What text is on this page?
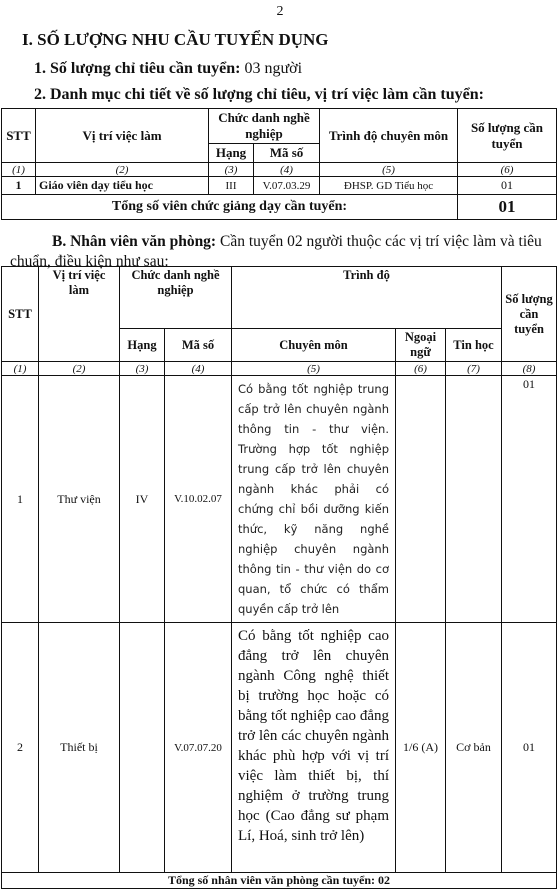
2
I. SỐ LƯỢNG NHU CẦU TUYỂN DỤNG
1. Số lượng chỉ tiêu cần tuyển: 03 người
2. Danh mục chi tiết về số lượng chỉ tiêu, vị trí việc làm cần tuyển:
STT	Vị trí việc làm	Chức danh nghề nghiệp		Trình độ chuyên môn	Số lượng cần tuyển
		Hạng	Mã số		
(1)	(2)	(3)	(4)	(5)	(6)
1	Giáo viên dạy tiểu học	III	V.07.03.29	ĐHSP. GD Tiểu học	01
Tổng số viên chức giảng dạy cần tuyển:					01
B. Nhân viên văn phòng: Cần tuyển 02 người thuộc các vị trí việc làm và tiêu chuẩn, điều kiện như sau:
STT	Vị trí việc làm	Chức danh nghề nghiệp		Trình độ			Số lượng cần tuyển
		Hạng	Mã số	Chuyên môn	Ngoại ngữ	Tin học	
(1)	(2)	(3)	(4)	(5)	(6)	(7)	(8)
1	Thư viện	IV	V.10.02.07	Có bằng tốt nghiệp trung cấp trở lên chuyên ngành thông tin - thư viện. Trường hợp tốt nghiệp trung cấp trở lên chuyên ngành khác phải có chứng chỉ bồi dưỡng kiến thức, kỹ năng nghề nghiệp chuyên ngành thông tin - thư viện do cơ quan, tổ chức có thẩm quyền cấp trở lên			01
2	Thiết bị		V.07.07.20	Có bằng tốt nghiệp cao đẳng trở lên chuyên ngành Công nghệ thiết bị trường học hoặc có bằng tốt nghiệp cao đẳng trở lên các chuyên ngành khác phù hợp với vị trí việc làm thiết bị, thí nghiệm ở trường trung học (Cao đẳng sư phạm Lí, Hoá, sinh trở lên)	1/6 (A)	Cơ bản	01
Tổng số nhân viên văn phòng cần tuyển: 02							
